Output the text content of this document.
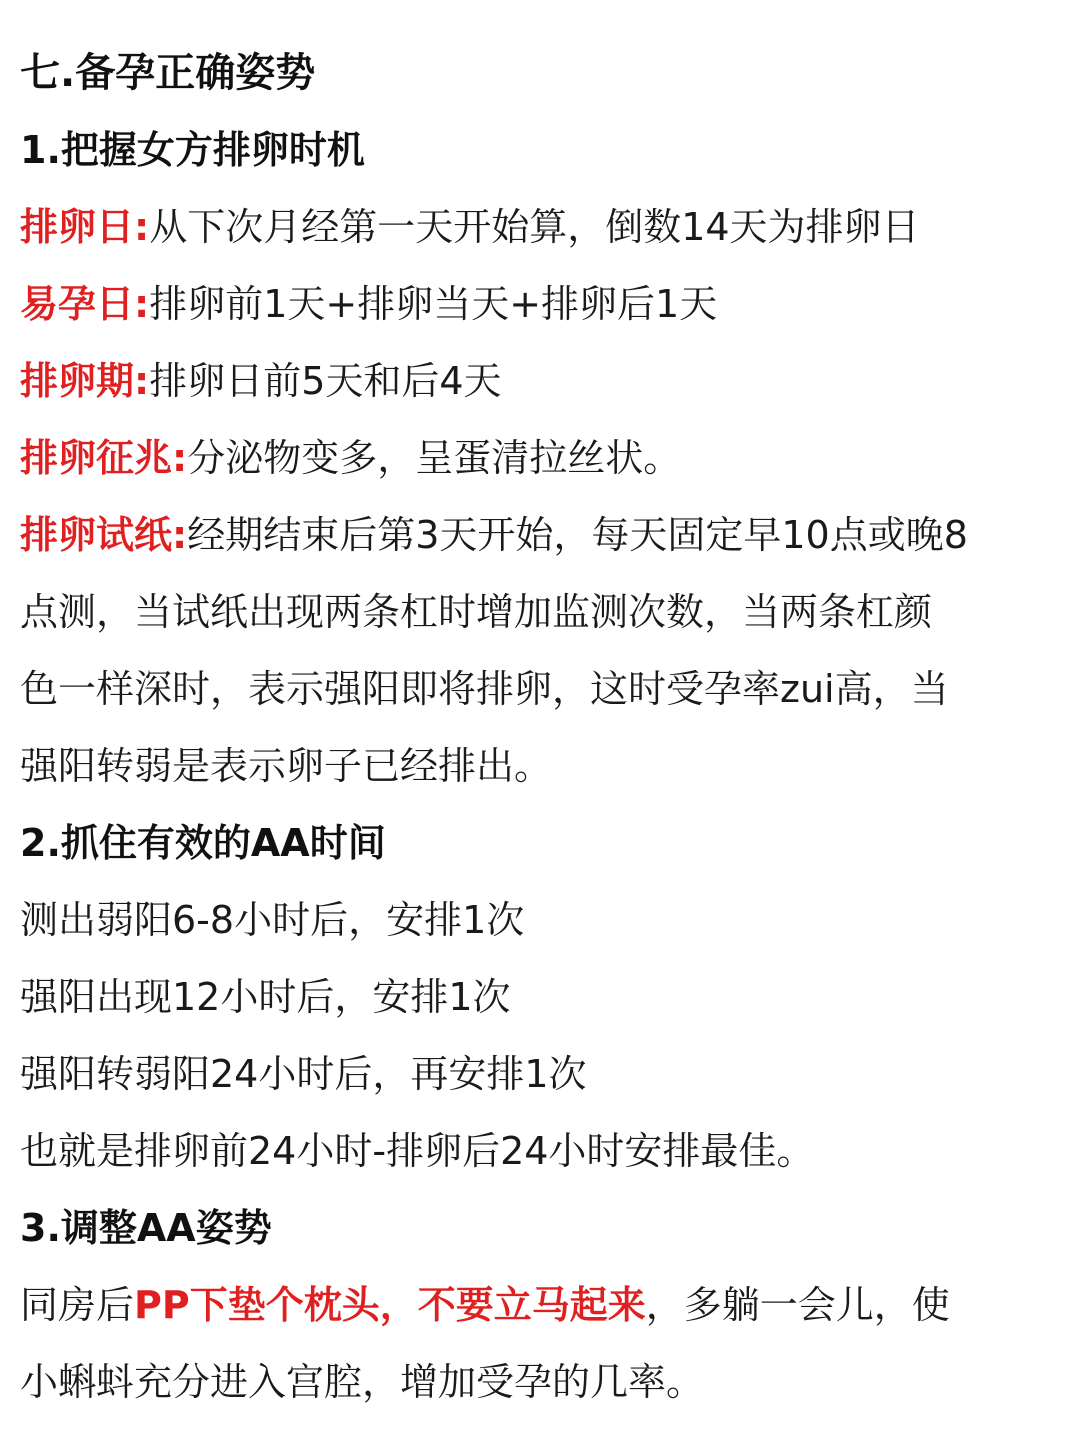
七.备孕正确姿势
1.把握女方排卵时机
排卵日:从下次月经第一天开始算，倒数14天为排卵日
易孕日:排卵前1天+排卵当天+排卵后1天
排卵期:排卵日前5天和后4天
排卵征兆:分泌物变多，呈蛋清拉丝状。
排卵试纸:经期结束后第3天开始，每天固定早10点或晚8
点测，当试纸出现两条杠时增加监测次数，当两条杠颜
色一样深时，表示强阳即将排卵，这时受孕率zui高，当
强阳转弱是表示卵子已经排出。
2.抓住有效的AA时间
测出弱阳6-8小时后，安排1次
强阳出现12小时后，安排1次
强阳转弱阳24小时后，再安排1次
也就是排卵前24小时-排卵后24小时安排最佳。
3.调整AA姿势
同房后PP下垫个枕头，不要立马起来，多躺一会儿，使
小蝌蚪充分进入宫腔，增加受孕的几率。
